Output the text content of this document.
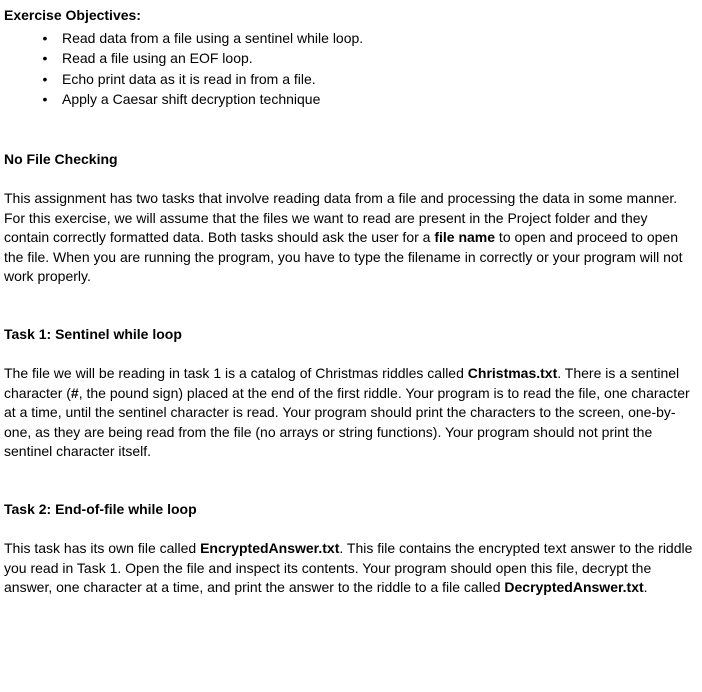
Exercise Objectives:

• Read data from a file using a sentinel while loop.
• Read a file using an EOF loop.
• Echo print data as it is read in from a file.
• Apply a Caesar shift decryption technique

No File Checking

This assignment has two tasks that involve reading data from a file and processing the data in some manner. For this exercise, we will assume that the files we want to read are present in the Project folder and they contain correctly formatted data. Both tasks should ask the user for a file name to open and proceed to open the file. When you are running the program, you have to type the filename in correctly or your program will not work properly.

Task 1: Sentinel while loop

The file we will be reading in task 1 is a catalog of Christmas riddles called Christmas.txt. There is a sentinel character (#, the pound sign) placed at the end of the first riddle. Your program is to read the file, one character at a time, until the sentinel character is read. Your program should print the characters to the screen, one-by-one, as they are being read from the file (no arrays or string functions). Your program should not print the sentinel character itself.

Task 2: End-of-file while loop

This task has its own file called EncryptedAnswer.txt. This file contains the encrypted text answer to the riddle you read in Task 1. Open the file and inspect its contents. Your program should open this file, decrypt the answer, one character at a time, and print the answer to the riddle to a file called DecryptedAnswer.txt.
